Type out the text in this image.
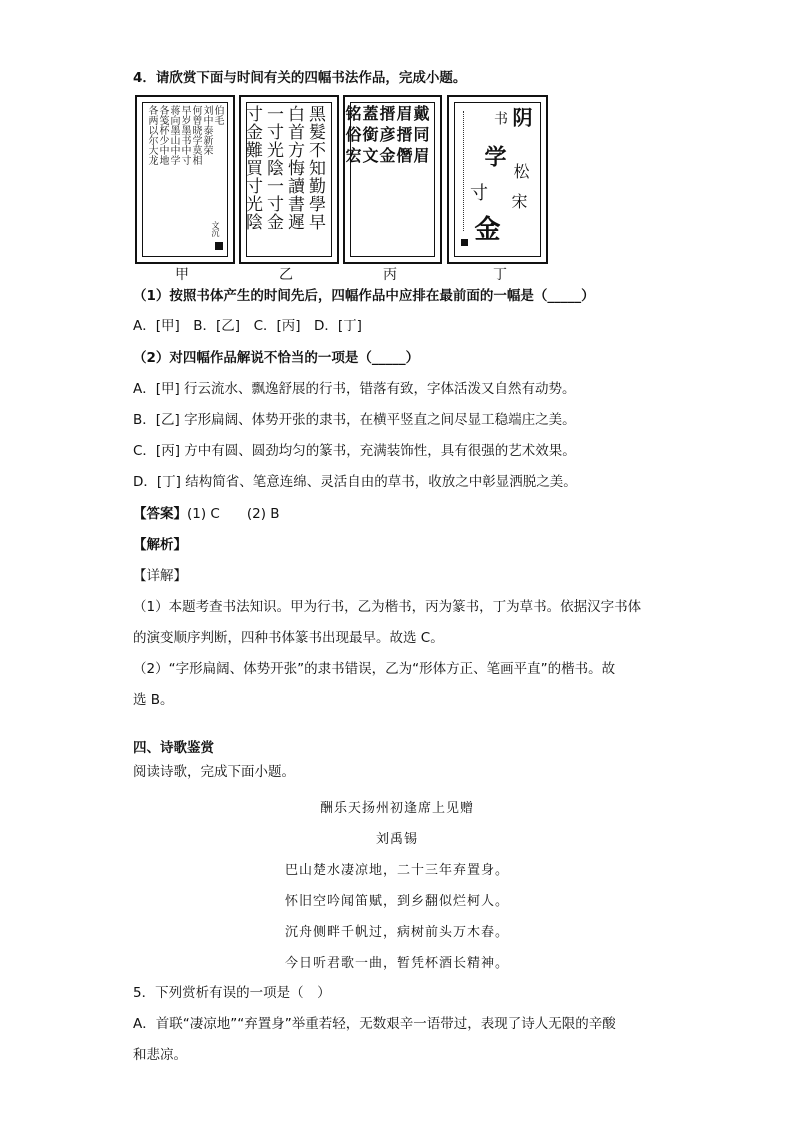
4．请欣赏下面与时间有关的四幅书法作品，完成小题。
伯毛
刘中泰新荣
何曾晓学莫相
早岁墨书中寸
蒋向墨山中学
各笺杯少中地
各两以尔大龙
文沉
甲
黑髮不知勤學早
白首方悔讀書遲
一寸光陰一寸金
寸金難買寸光陰
乙
戴同眉
眉搢僭
搢彦金
蓋銜文
铭俗宏
丙
阴
书
学
松
宋
寸
金
丁
（1）按照书体产生的时间先后，四幅作品中应排在最前面的一幅是（_____）
A．[甲]　B．[乙]　C．[丙]　D．[丁]
（2）对四幅作品解说不恰当的一项是（_____）
A．[甲] 行云流水、飘逸舒展的行书，错落有致，字体活泼又自然有动势。
B．[乙] 字形扁阔、体势开张的隶书，在横平竖直之间尽显工稳端庄之美。
C．[丙] 方中有圆、圆劲均匀的篆书，充满装饰性，具有很强的艺术效果。
D．[丁] 结构简省、笔意连绵、灵活自由的草书，收放之中彰显洒脱之美。
【答案】(1) C　　(2) B
【解析】
【详解】
（1）本题考查书法知识。甲为行书，乙为楷书，丙为篆书，丁为草书。依据汉字书体
的演变顺序判断，四种书体篆书出现最早。故选 C。
（2）“字形扁阔、体势开张”的隶书错误，乙为“形体方正、笔画平直”的楷书。故
选 B。
四、诗歌鉴赏
阅读诗歌，完成下面小题。
酬乐天扬州初逢席上见赠
刘禹锡
巴山楚水凄凉地，二十三年弃置身。
怀旧空吟闻笛赋，到乡翻似烂柯人。
沉舟侧畔千帆过，病树前头万木春。
今日听君歌一曲，暂凭杯酒长精神。
5．下列赏析有误的一项是（　）
A．首联“凄凉地”“弃置身”举重若轻，无数艰辛一语带过，表现了诗人无限的辛酸
和悲凉。
